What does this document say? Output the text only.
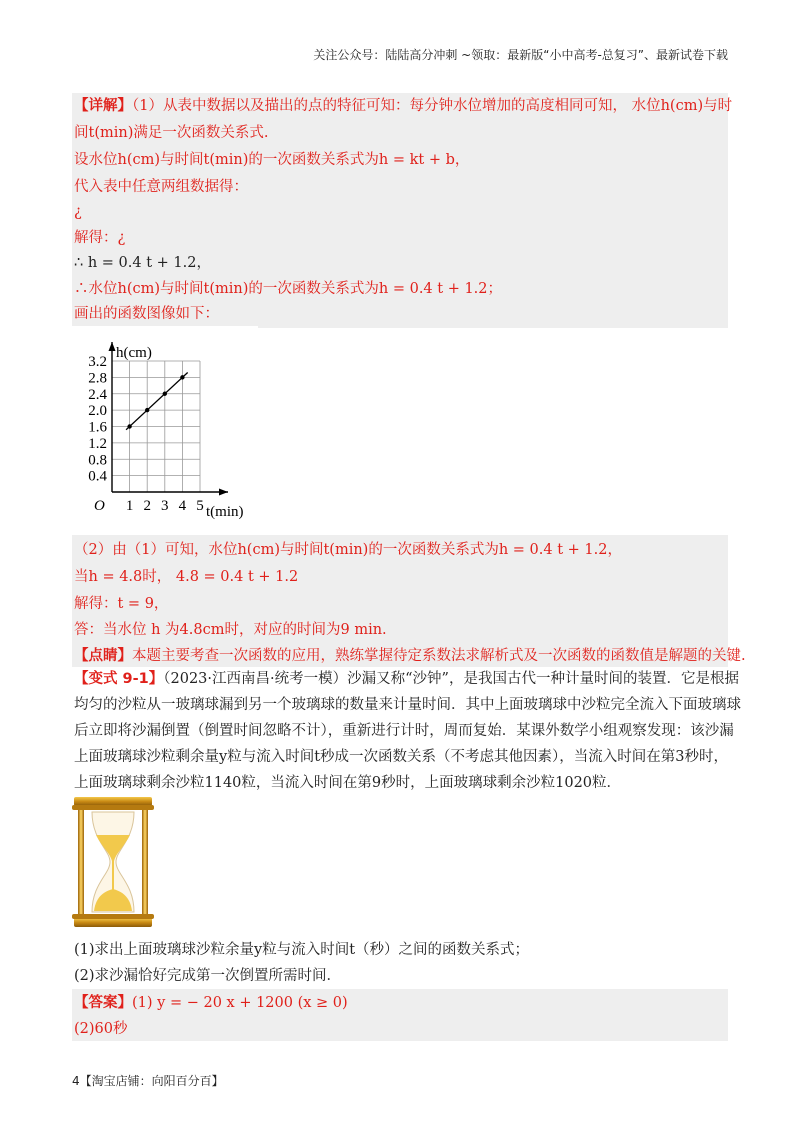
关注公众号：陆陆高分冲刺 ~领取：最新版“小中高考-总复习”、最新试卷下载
【详解】（1）从表中数据以及描出的点的特征可知：每分钟水位增加的高度相同可知， 水位h(cm)与时
间t(min)满足一次函数关系式.
设水位h(cm)与时间t(min)的一次函数关系式为h = kt + b，
代入表中任意两组数据得：
¿
解得：¿
∴ h = 0.4 t + 1.2，
∴水位h(cm)与时间t(min)的一次函数关系式为h = 0.4 t + 1.2；
画出的函数图像如下：
0.4
0.8
1.2
1.6
2.0
2.4
2.8
3.2
1 2 3 4 5
O
h(cm)
t(min)
（2）由（1）可知，水位h(cm)与时间t(min)的一次函数关系式为h = 0.4 t + 1.2，
当h = 4.8时， 4.8 = 0.4 t + 1.2
解得：t = 9，
答：当水位 h 为4.8cm时，对应的时间为9 min.
【点睛】本题主要考查一次函数的应用，熟练掌握待定系数法求解析式及一次函数的函数值是解题的关键.
【变式 9-1】（2023·江西南昌·统考一模）沙漏又称“沙钟”，是我国古代一种计量时间的装置．它是根据
均匀的沙粒从一玻璃球漏到另一个玻璃球的数量来计量时间．其中上面玻璃球中沙粒完全流入下面玻璃球
后立即将沙漏倒置（倒置时间忽略不计），重新进行计时，周而复始．某课外数学小组观察发现：该沙漏
上面玻璃球沙粒剩余量y粒与流入时间t秒成一次函数关系（不考虑其他因素），当流入时间在第3秒时，
上面玻璃球剩余沙粒1140粒，当流入时间在第9秒时，上面玻璃球剩余沙粒1020粒．
(1)求出上面玻璃球沙粒余量y粒与流入时间t（秒）之间的函数关系式；
(2)求沙漏恰好完成第一次倒置所需时间．
【答案】(1) y = − 20 x + 1200 (x ≥ 0)
(2)60秒
4【淘宝店铺：向阳百分百】
